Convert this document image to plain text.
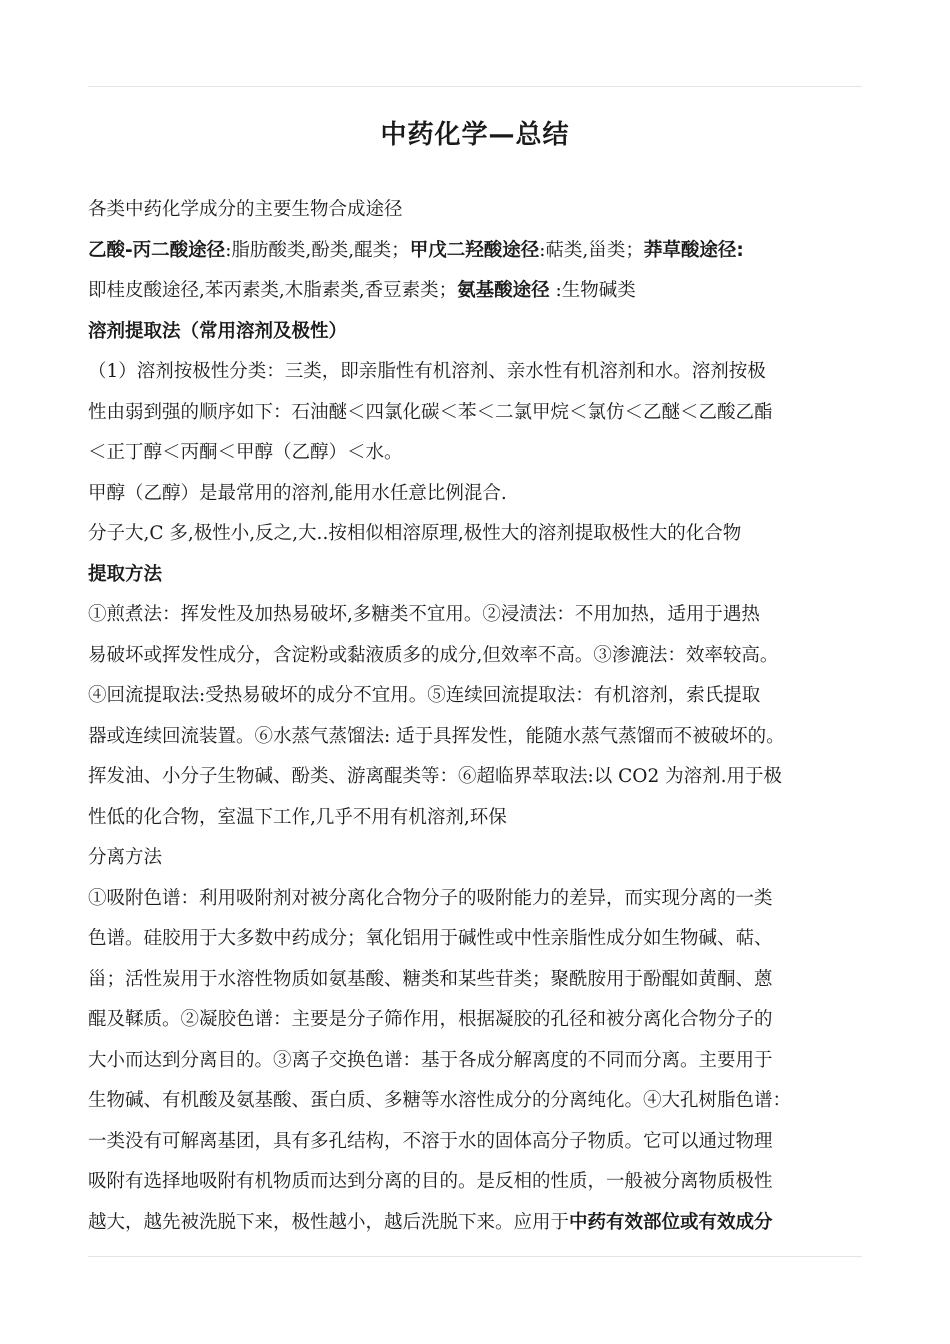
中药化学—总结
各类中药化学成分的主要生物合成途径
乙酸-丙二酸途径:脂肪酸类,酚类,醌类；甲戊二羟酸途径:萜类,甾类；莽草酸途径:
即桂皮酸途径,苯丙素类,木脂素类,香豆素类；氨基酸途径 :生物碱类
溶剂提取法（常用溶剂及极性）
（1）溶剂按极性分类：三类，即亲脂性有机溶剂、亲水性有机溶剂和水。溶剂按极
性由弱到强的顺序如下：石油醚＜四氯化碳＜苯＜二氯甲烷＜氯仿＜乙醚＜乙酸乙酯
＜正丁醇＜丙酮＜甲醇（乙醇）＜水。
甲醇（乙醇）是最常用的溶剂,能用水任意比例混合.
分子大,C 多,极性小,反之,大..按相似相溶原理,极性大的溶剂提取极性大的化合物
提取方法
①煎煮法：挥发性及加热易破坏,多糖类不宜用。②浸渍法：不用加热，适用于遇热
易破坏或挥发性成分，含淀粉或黏液质多的成分,但效率不高。③渗漉法：效率较高。
④回流提取法:受热易破坏的成分不宜用。⑤连续回流提取法：有机溶剂，索氏提取
器或连续回流装置。⑥水蒸气蒸馏法: 适于具挥发性，能随水蒸气蒸馏而不被破坏的。
挥发油、小分子生物碱、酚类、游离醌类等：⑥超临界萃取法:以 CO2 为溶剂.用于极
性低的化合物，室温下工作,几乎不用有机溶剂,环保
分离方法
①吸附色谱：利用吸附剂对被分离化合物分子的吸附能力的差异，而实现分离的一类
色谱。硅胶用于大多数中药成分；氧化铝用于碱性或中性亲脂性成分如生物碱、萜、
甾；活性炭用于水溶性物质如氨基酸、糖类和某些苷类；聚酰胺用于酚醌如黄酮、蒽
醌及鞣质。②凝胶色谱：主要是分子筛作用，根据凝胶的孔径和被分离化合物分子的
大小而达到分离目的。③离子交换色谱：基于各成分解离度的不同而分离。主要用于
生物碱、有机酸及氨基酸、蛋白质、多糖等水溶性成分的分离纯化。④大孔树脂色谱：
一类没有可解离基团，具有多孔结构，不溶于水的固体高分子物质。它可以通过物理
吸附有选择地吸附有机物质而达到分离的目的。是反相的性质，一般被分离物质极性
越大，越先被洗脱下来，极性越小，越后洗脱下来。应用于中药有效部位或有效成分
